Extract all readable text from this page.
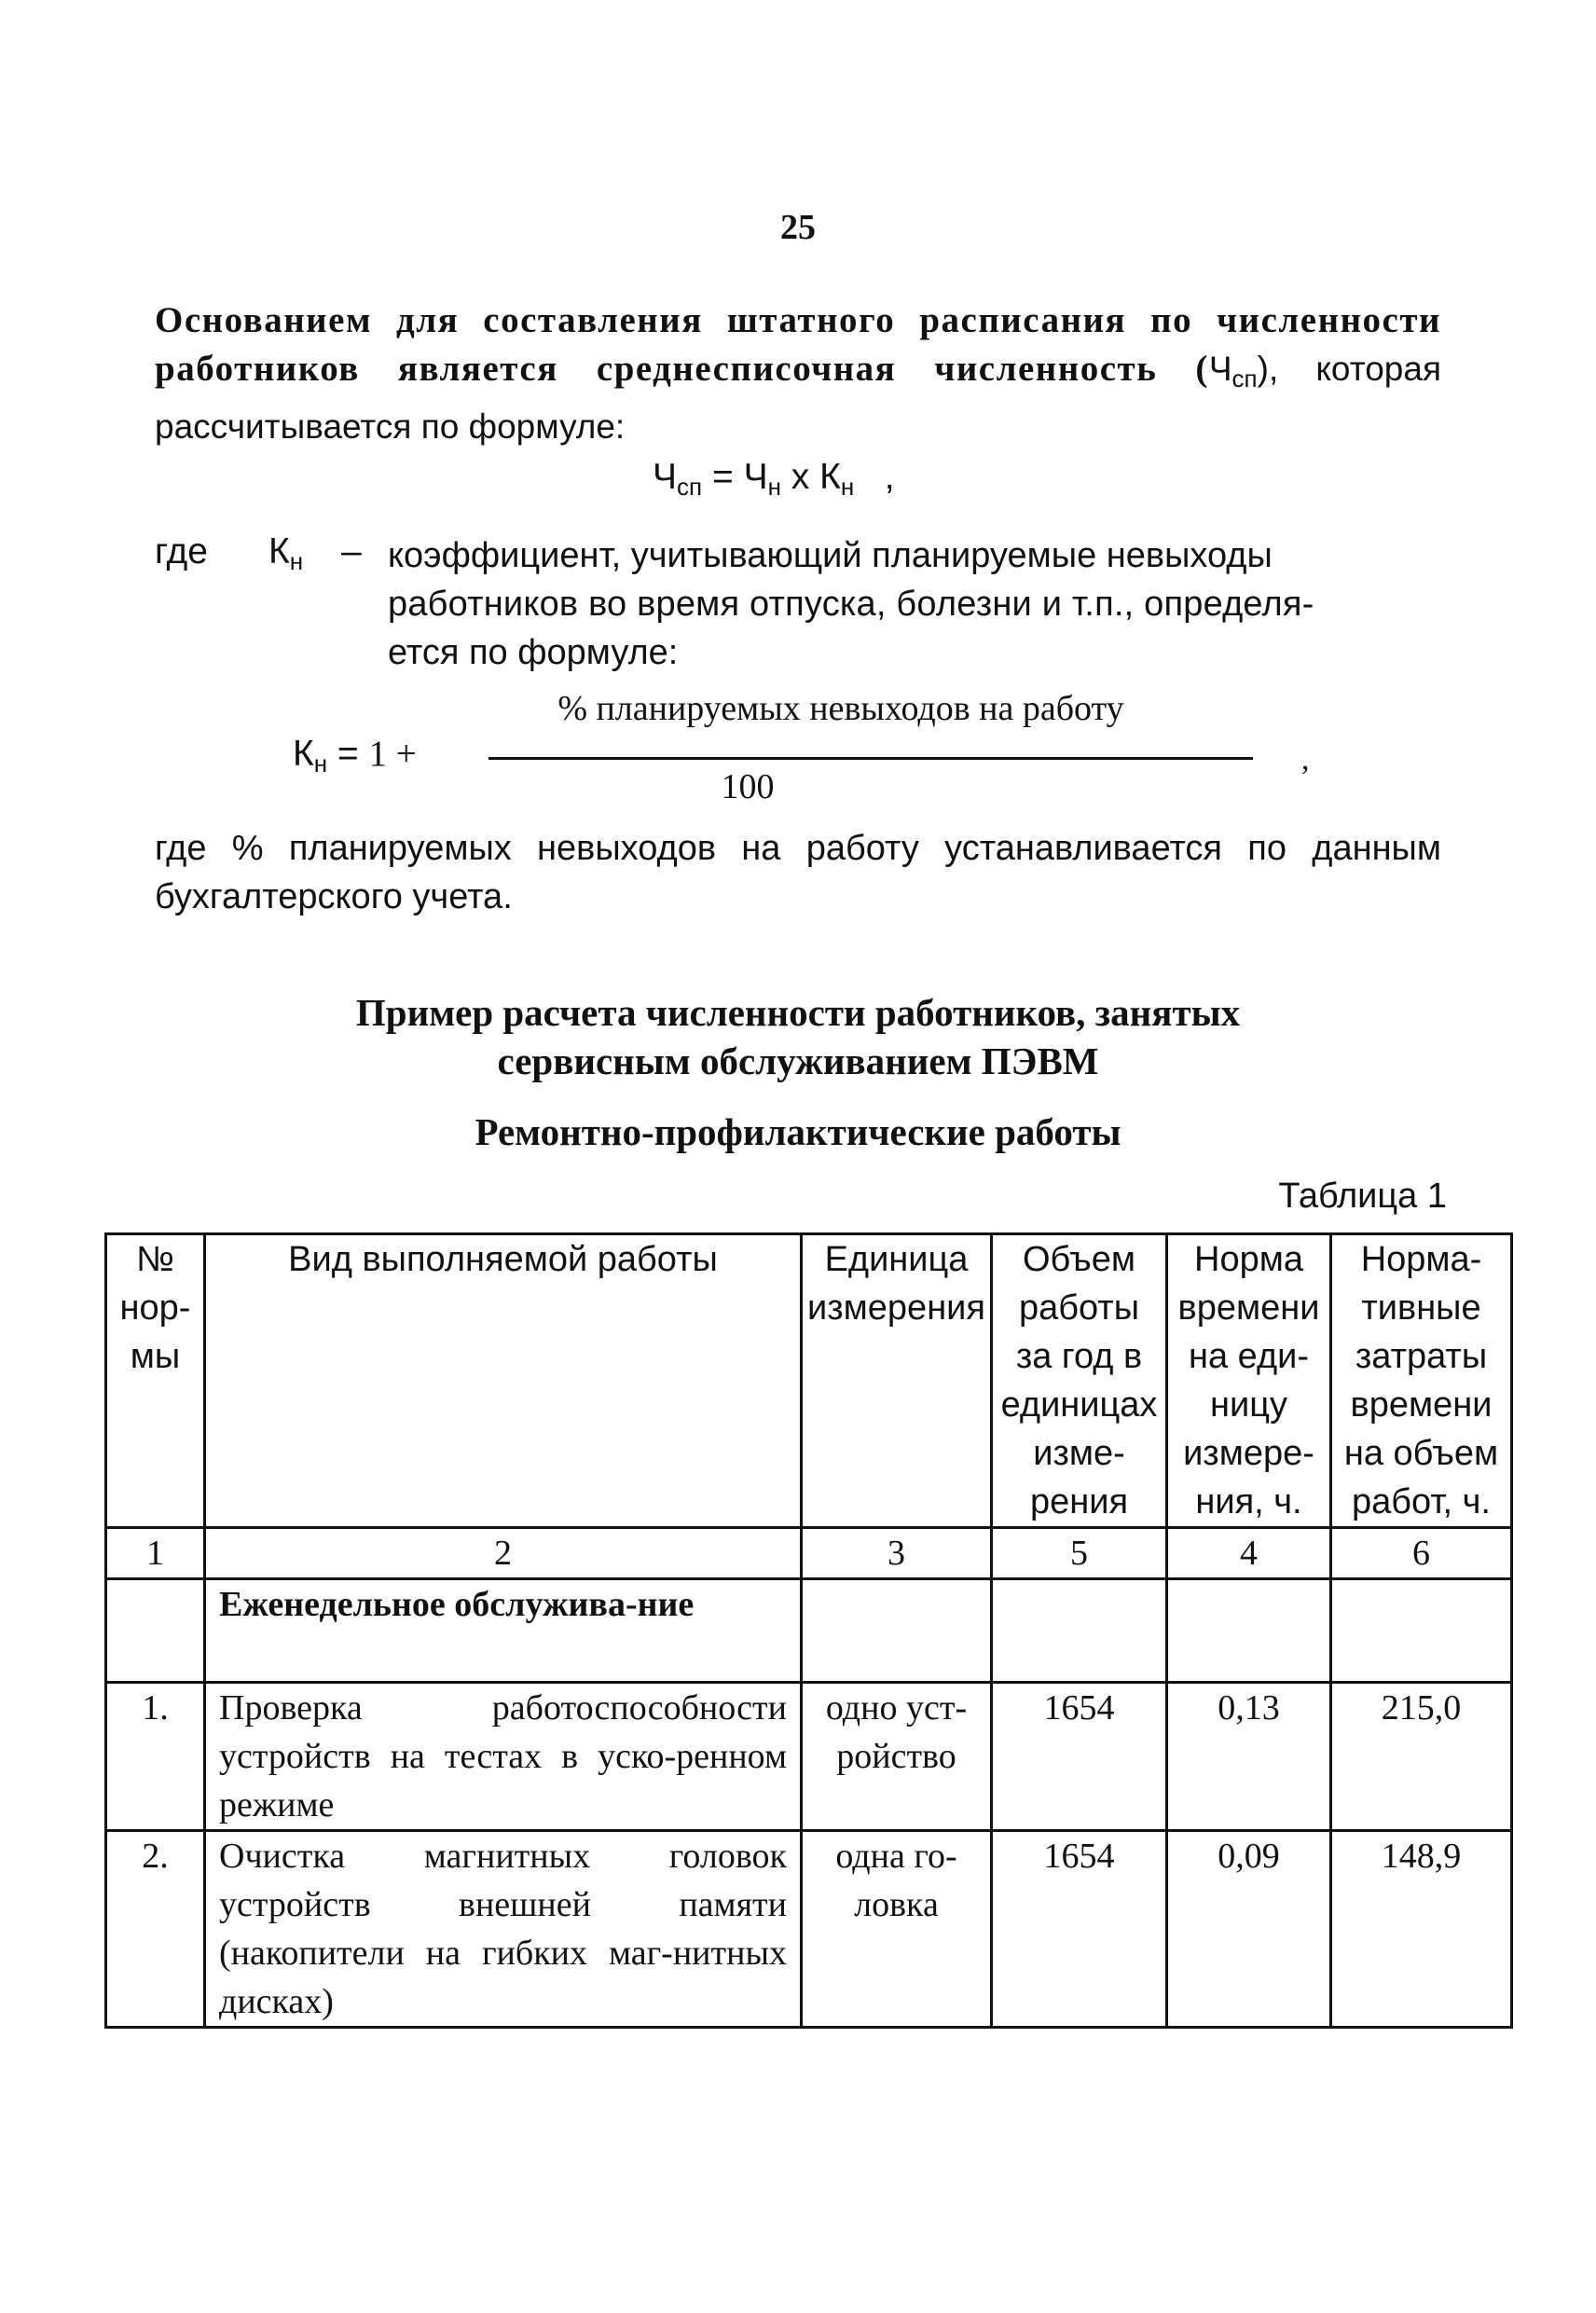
25
Основанием для составления штатного расписания по численности работников является среднесписочная численность $(Ч_{сп})$, которая рассчитывается по формуле:
$Ч_{сп} = Ч_н$ х $К_н$ ,
где $К_н$ – коэффициент, учитывающий планируемые невыходы
работников во время отпуска, болезни и т.п., определя-
ется по формуле:
% планируемых невыходов на работу
$К_н = 1$ +
100
,
где % планируемых невыходов на работу устанавливается по данным бухгалтерского учета.
Пример расчета численности работников, занятых
сервисным обслуживанием ПЭВМ
Ремонтно-профилактические работы
Таблица 1
№ нор-мы	Вид выполняемой работы	Единица измерения	Объем работы за год в единицах изме-рения	Норма времени на еди-ницу измере-ния, ч.	Норма-тивные затраты времени на объем работ, ч.
1	2	3	5	4	6
	Еженедельное обслужива-ние				
1.	Проверка работоспособности устройств на тестах в уско-ренном режиме	одно уст-ройство	1654	0,13	215,0
2.	Очистка магнитных головок устройств внешней памяти (накопители на гибких маг-нитных дисках)	одна го-ловка	1654	0,09	148,9
